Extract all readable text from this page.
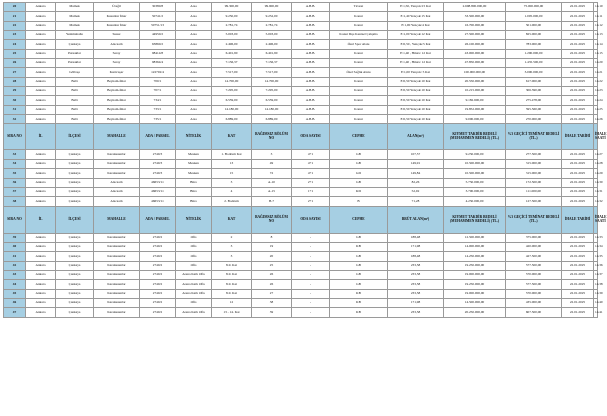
20	Ankara	Mamak	Üreğil	30380/8	Arsa	99.300,00	99.900,00	A.B.B.	Ticaret	E:1,50, Yençok:15 Kat	2.698.800.000,00	75.000.000,00	22.01.2025	14.10
21	Ankara	Mamak	Kusunlar İmar	50741/2	Arsa	9.250,00	9.232,00	A.B.B.	Konut	E:1,40 Yençok:15 Kat	33.500.000,00	1.005.000,00	22.01.2025	14.11
22	Ankara	Mamak	Kusunlar İmar	50751/13	Arsa	2.781,74	2.781,74	A.B.B.	Konut	E:1,00 Yençok:4 Kat	16.700.000,00	501.000,00	22.01.2025	14.12
23	Ankara	Yenimahalle	Susuz	44950/2	Arsa	5.003,00	5.003,00	A.B.B.	Konut Dışı Kentsel Çalışma	E:1,00 Yençok:12 Kat	27.500.000,00	825.000,00	22.01.2025	14.13
24	Ankara	Çankaya	Alacaatlı	63860/2	Arsa	2.496,00	2.496,00	A.B.B.	Özel Spor Alanı	E:0,50 , Yençok:5 Kat	26.100.000,00	783.000,00	22.01.2025	14.14
25	Ankara	Pursaklar	Saray	98414/8	Arsa	6.401,90	6.401,90	A.B.B.	Konut	E:1,40 , Hmax: 12 Kat	43.000.000,00	1.290.000,00	22.01.2025	14.15
26	Ankara	Pursaklar	Saray	98364/4	Arsa	7.136,37	7.136,37	A.B.B.	Konut	E:1,40 , Hmax: 12 Kat	47.850.000,00	1.435.500,00	22.01.2025	14.20
27	Ankara	Gölbaşı	Kızılcaşar	122702/4	Arsa	7.517,00	7.517,00	A.B.B.	Özel Sağlık Alanı	E:1,00 Yençok: 5 Kat	100.000.000,00	3.000.000,00	22.01.2025	14.21
28	Ankara	Balâ	Beynam-İmar	700/1	Arsa	14.700,00	14.700,00	A.B.B.	Konut	E:0,50 Yençok:10 Kat	20.550.000,00	617.000,00	22.01.2025	14.22
29	Ankara	Balâ	Beynam-İmar	707/1	Arsa	7.295,00	7.295,00	A.B.B.	Konut	E:0,50 Yençok:10 Kat	10.215.000,00	306.390,00	22.01.2025	14.23
30	Ankara	Balâ	Beynam-İmar	734/1	Arsa	6.559,00	6.559,00	A.B.B.	Konut	E:0,50 Yençok:10 Kat	9.182.600,00	275.478,00	22.01.2025	14.24
31	Ankara	Balâ	Beynam-İmar	733/1	Arsa	14.180,00	14.180,00	A.B.B.	Konut	E:0,50 Yençok:10 Kat	19.852.000,00	595.560,00	22.01.2025	14.25
32	Ankara	Balâ	Beynam-İmar	735/1	Arsa	6.889,00	6.889,00	A.B.B.	Konut	E:0,50 Yençok:10 Kat	9.000.000,00	270.000,00	22.01.2025	14.26
SIRA NO	İL	İLÇESİ	MAHALLE	ADA / PARSEL	NİTELİK	KAT	BAĞIMSIZ BÖLÜM NO	ODA SAYISI	CEPHE	ALAN(m²)	KIYMET TAKDİR BEDELİ (MUHAMMEN BEDELİ) (TL.)	%3 GEÇİCİ TEMİNAT BEDELİ (TL.)	İHALE TARİHİ	İHALE SAATİ
33	Ankara	Çankaya	Karakusunlar	2740/3	Mesken	1. Bodrum Kat	3	4+1	GB	107,57	9.250.000,00	277.500,00	22.01.2025	14.27
34	Ankara	Çankaya	Karakusunlar	2740/3	Mesken	13	49	4+1	GB	149,91	10.500.000,00	315.000,00	22.01.2025	14.28
35	Ankara	Çankaya	Karakusunlar	2740/3	Mesken	15	72	4+1	GD	149,84	10.500.000,00	315.000,00	22.01.2025	14.29
36	Ankara	Çankaya	Alacaatlı	46653/11	Büro	3	A-10	2+1	GB	82,26	5.750.000,00	172.500,00	22.01.2025	14.30
37	Ankara	Çankaya	Alacaatlı	46653/11	Büro	4	A-15	1+1	KD	52,02	3.700.000,00	111.000,00	22.01.2025	14.31
38	Ankara	Çankaya	Alacaatlı	46653/11	Büro	2. Bodrum	B-7	2+1	B	71,28	4.250.000,00	127.500,00	22.01.2025	14.32
SIRA NO	İL	İLÇESİ	MAHALLE	ADA / PARSEL	NİTELİK	KAT	BAĞIMSIZ BÖLÜM NO	ODA SAYISI	CEPHE	BRÜT ALAN(m²)	KIYMET TAKDİR BEDELİ (MUHAMMEN BEDELİ) (TL.)	%3 GEÇİCİ TEMİNAT BEDELİ (TL.)	İHALE TARİHİ	İHALE SAATİ
39	Ankara	Çankaya	Karakusunlar	2740/2	Ofis	2	8	-	GB	188,48	12.500.000,00	375.000,00	22.01.2025	14.33
40	Ankara	Çankaya	Karakusunlar	2740/2	Ofis	3	19	-	KB	171,98	14.000.000,00	420.000,00	22.01.2025	14.34
41	Ankara	Çankaya	Karakusunlar	2740/2	Ofis	3	20	-	GB	188,48	14.250.000,00	427.500,00	22.01.2025	14.35
42	Ankara	Çankaya	Karakusunlar	2740/2	Ofis	8-9. Kat	25	-	GB	233,58	19.250.000,00	577.500,00	22.01.2025	14.36
43	Ankara	Çankaya	Karakusunlar	2740/2	Arena Katlı Ofis	8-9. Kat	26	-	GB	233,58	19.000.000,00	570.000,00	22.01.2025	14.37
44	Ankara	Çankaya	Karakusunlar	2740/2	Arena Katlı Ofis	8-9. Kat	26	-	GB	233,58	19.250.000,00	577.500,00	22.01.2025	14.38
45	Ankara	Çankaya	Karakusunlar	2740/2	Arena Katlı Ofis	8-9. Kat	27	-	KB	233,58	19.000.000,00	570.000,00	22.01.2025	14.39
46	Ankara	Çankaya	Karakusunlar	2740/2	Ofis	12	38	-	KB	171,98	14.500.000,00	435.000,00	22.01.2025	14.40
47	Ankara	Çankaya	Karakusunlar	2740/2	Arena Katlı Ofis	13 - 14. Kat	39	-	KB	233,58	20.250.000,00	607.500,00	22.01.2025	14.41
